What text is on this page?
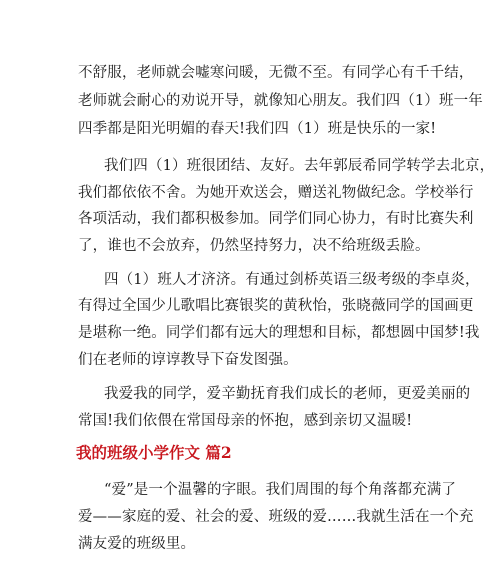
不舒服，老师就会嘘寒问暖，无微不至。有同学心有千千结，
老师就会耐心的劝说开导，就像知心朋友。我们四（1）班一年
四季都是阳光明媚的春天!我们四（1）班是快乐的一家!
我们四（1）班很团结、友好。去年郭辰希同学转学去北京，
我们都依依不舍。为她开欢送会，赠送礼物做纪念。学校举行
各项活动，我们都积极参加。同学们同心协力，有时比赛失利
了，谁也不会放弃，仍然坚持努力，决不给班级丢脸。
四（1）班人才济济。有通过剑桥英语三级考级的李卓炎，
有得过全国少儿歌唱比赛银奖的黄秋怡，张晓薇同学的国画更
是堪称一绝。同学们都有远大的理想和目标，都想圆中国梦!我
们在老师的谆谆教导下奋发图强。
我爱我的同学，爱辛勤抚育我们成长的老师，更爱美丽的
常国!我们依偎在常国母亲的怀抱，感到亲切又温暖!
我的班级小学作文 篇2
“爱”是一个温馨的字眼。我们周围的每个角落都充满了
爱——家庭的爱、社会的爱、班级的爱……我就生活在一个充
满友爱的班级里。
